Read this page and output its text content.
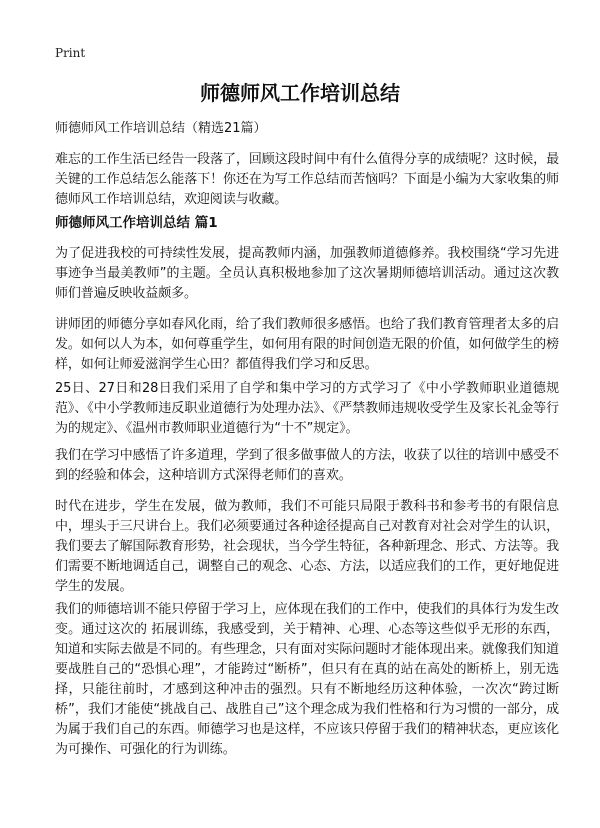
Print
师德师风工作培训总结

师德师风工作培训总结（精选21篇）

难忘的工作生活已经告一段落了，回顾这段时间中有什么值得分享的成绩呢？这时候，最关键的工作总结怎么能落下！你还在为写工作总结而苦恼吗？下面是小编为大家收集的师德师风工作培训总结，欢迎阅读与收藏。

师德师风工作培训总结 篇1

为了促进我校的可持续性发展，提高教师内涵，加强教师道德修养。我校围绕“学习先进事迹争当最美教师”的主题。全员认真积极地参加了这次暑期师德培训活动。通过这次教师们普遍反映收益颇多。

讲师团的师德分享如春风化雨，给了我们教师很多感悟。也给了我们教育管理者太多的启发。如何以人为本，如何尊重学生，如何用有限的时间创造无限的价值，如何做学生的榜样，如何让师爱滋润学生心田？都值得我们学习和反思。

25日、27日和28日我们采用了自学和集中学习的方式学习了《中小学教师职业道德规范》、《中小学教师违反职业道德行为处理办法》、《严禁教师违规收受学生及家长礼金等行为的规定》、《温州市教师职业道德行为“十不”规定》。

我们在学习中感悟了许多道理，学到了很多做事做人的方法，收获了以往的培训中感受不到的经验和体会，这种培训方式深得老师们的喜欢。

时代在进步，学生在发展，做为教师，我们不可能只局限于教科书和参考书的有限信息中，埋头于三尺讲台上。我们必须要通过各种途径提高自己对教育对社会对学生的认识，我们要去了解国际教育形势，社会现状，当今学生特征，各种新理念、形式、方法等。我们需要不断地调适自己，调整自己的观念、心态、方法，以适应我们的工作，更好地促进学生的发展。

我们的师德培训不能只停留于学习上，应体现在我们的工作中，使我们的具体行为发生改变。通过这次的 拓展训练，我感受到，关于精神、心理、心态等这些似乎无形的东西，知道和实际去做是不同的。有些理念，只有面对实际问题时才能体现出来。就像我们知道要战胜自己的“恐惧心理”，才能跨过“断桥”，但只有在真的站在高处的断桥上，别无选择，只能往前时，才感到这种冲击的强烈。只有不断地经历这种体验，一次次“跨过断桥”，我们才能使“挑战自己、战胜自己”这个理念成为我们性格和行为习惯的一部分，成为属于我们自己的东西。师德学习也是这样，不应该只停留于我们的精神状态，更应该化为可操作、可强化的行为训练。
